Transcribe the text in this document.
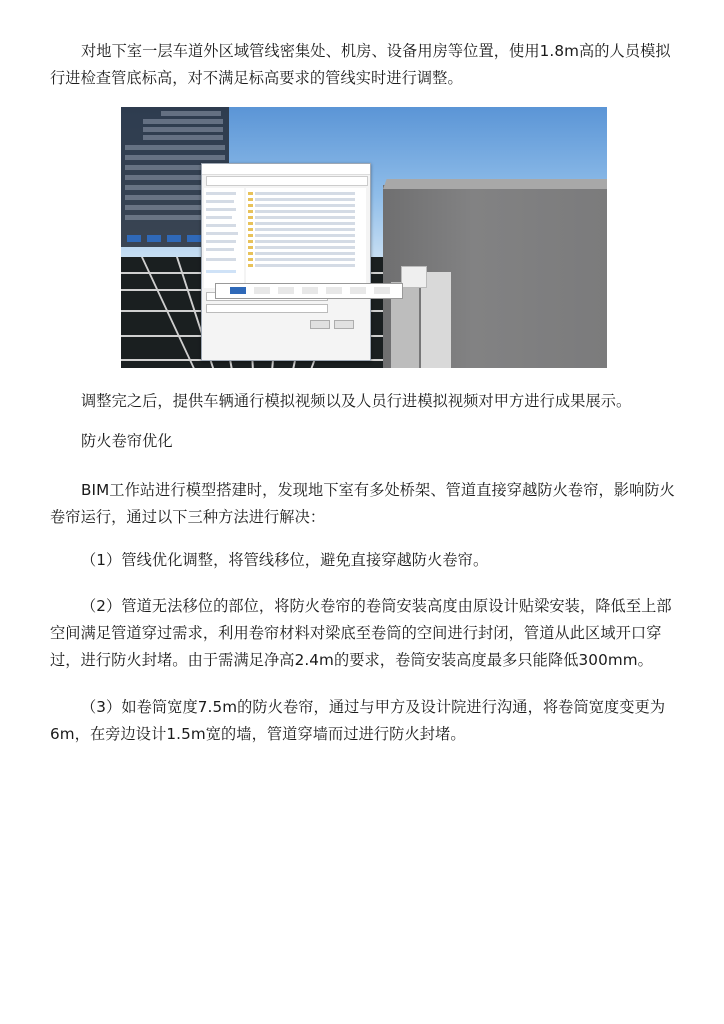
对地下室一层车道外区域管线密集处、机房、设备用房等位置，使用1.8m高的人员模拟行进检查管底标高，对不满足标高要求的管线实时进行调整。

调整完之后，提供车辆通行模拟视频以及人员行进模拟视频对甲方进行成果展示。

防火卷帘优化

BIM工作站进行模型搭建时，发现地下室有多处桥架、管道直接穿越防火卷帘，影响防火卷帘运行，通过以下三种方法进行解决：

（1）管线优化调整，将管线移位，避免直接穿越防火卷帘。

（2）管道无法移位的部位，将防火卷帘的卷筒安装高度由原设计贴梁安装，降低至上部空间满足管道穿过需求，利用卷帘材料对梁底至卷筒的空间进行封闭，管道从此区域开口穿过，进行防火封堵。由于需满足净高2.4m的要求，卷筒安装高度最多只能降低300mm。

（3）如卷筒宽度7.5m的防火卷帘，通过与甲方及设计院进行沟通，将卷筒宽度变更为6m，在旁边设计1.5m宽的墙，管道穿墙而过进行防火封堵。
